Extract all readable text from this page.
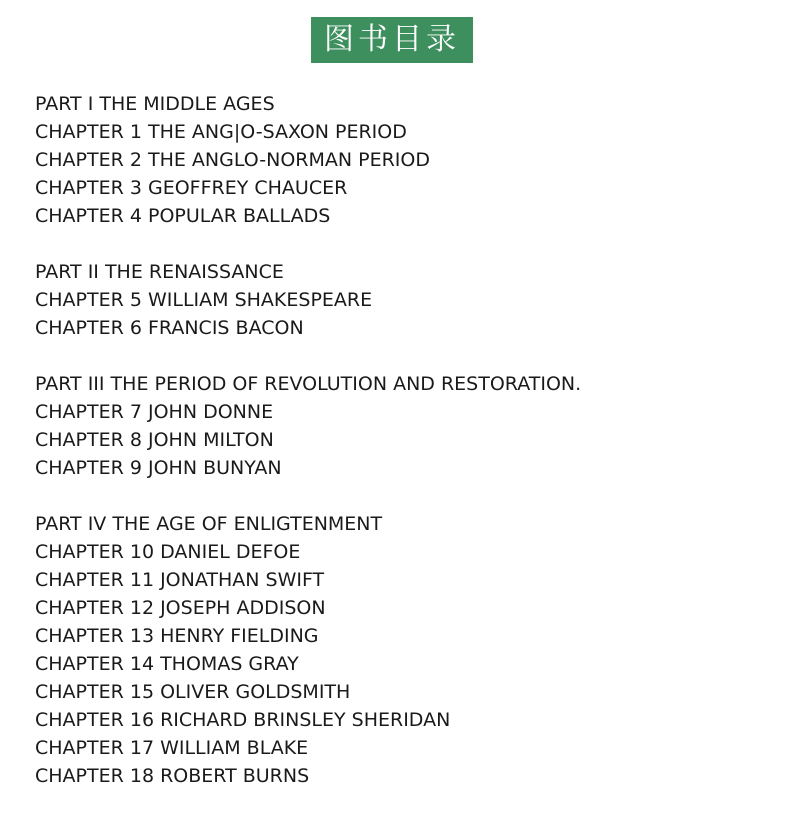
图书目录
PART I THE MIDDLE AGES
CHAPTER 1 THE ANG|O-SAXON PERIOD
CHAPTER 2 THE ANGLO-NORMAN PERIOD
CHAPTER 3 GEOFFREY CHAUCER
CHAPTER 4 POPULAR BALLADS
PART II THE RENAISSANCE
CHAPTER 5 WILLIAM SHAKESPEARE
CHAPTER 6 FRANCIS BACON
PART III THE PERIOD OF REVOLUTION AND RESTORATION.
CHAPTER 7 JOHN DONNE
CHAPTER 8 JOHN MILTON
CHAPTER 9 JOHN BUNYAN
PART IV THE AGE OF ENLIGTENMENT
CHAPTER 10 DANIEL DEFOE
CHAPTER 11 JONATHAN SWIFT
CHAPTER 12 JOSEPH ADDISON
CHAPTER 13 HENRY FIELDING
CHAPTER 14 THOMAS GRAY
CHAPTER 15 OLIVER GOLDSMITH
CHAPTER 16 RICHARD BRINSLEY SHERIDAN
CHAPTER 17 WILLIAM BLAKE
CHAPTER 18 ROBERT BURNS
